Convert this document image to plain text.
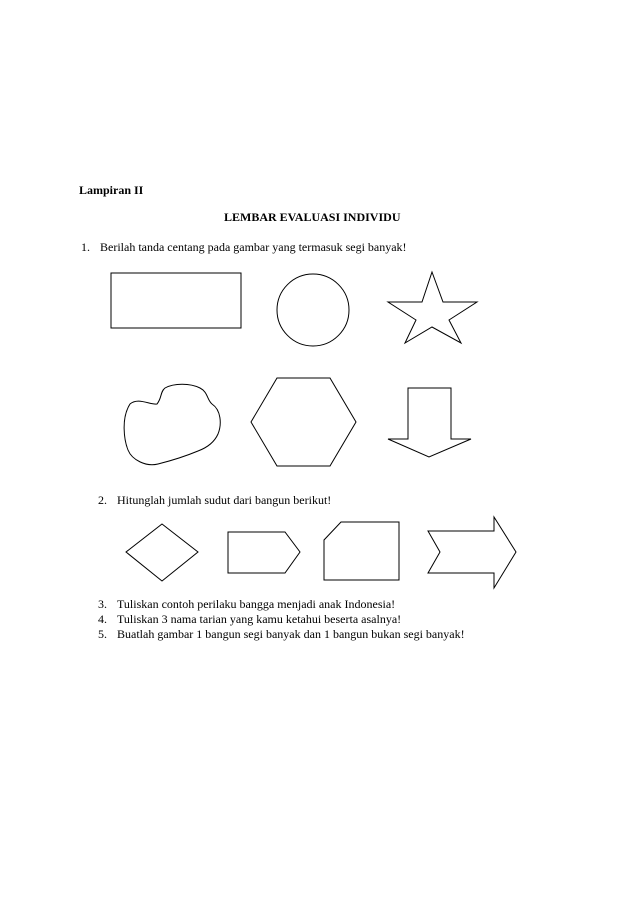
Lampiran II
LEMBAR EVALUASI INDIVIDU
1. Berilah tanda centang pada gambar yang termasuk segi banyak!
2. Hitunglah jumlah sudut dari bangun berikut!
3. Tuliskan contoh perilaku bangga menjadi anak Indonesia!
4. Tuliskan 3 nama tarian yang kamu ketahui beserta asalnya!
5. Buatlah gambar 1 bangun segi banyak dan 1 bangun bukan segi banyak!
